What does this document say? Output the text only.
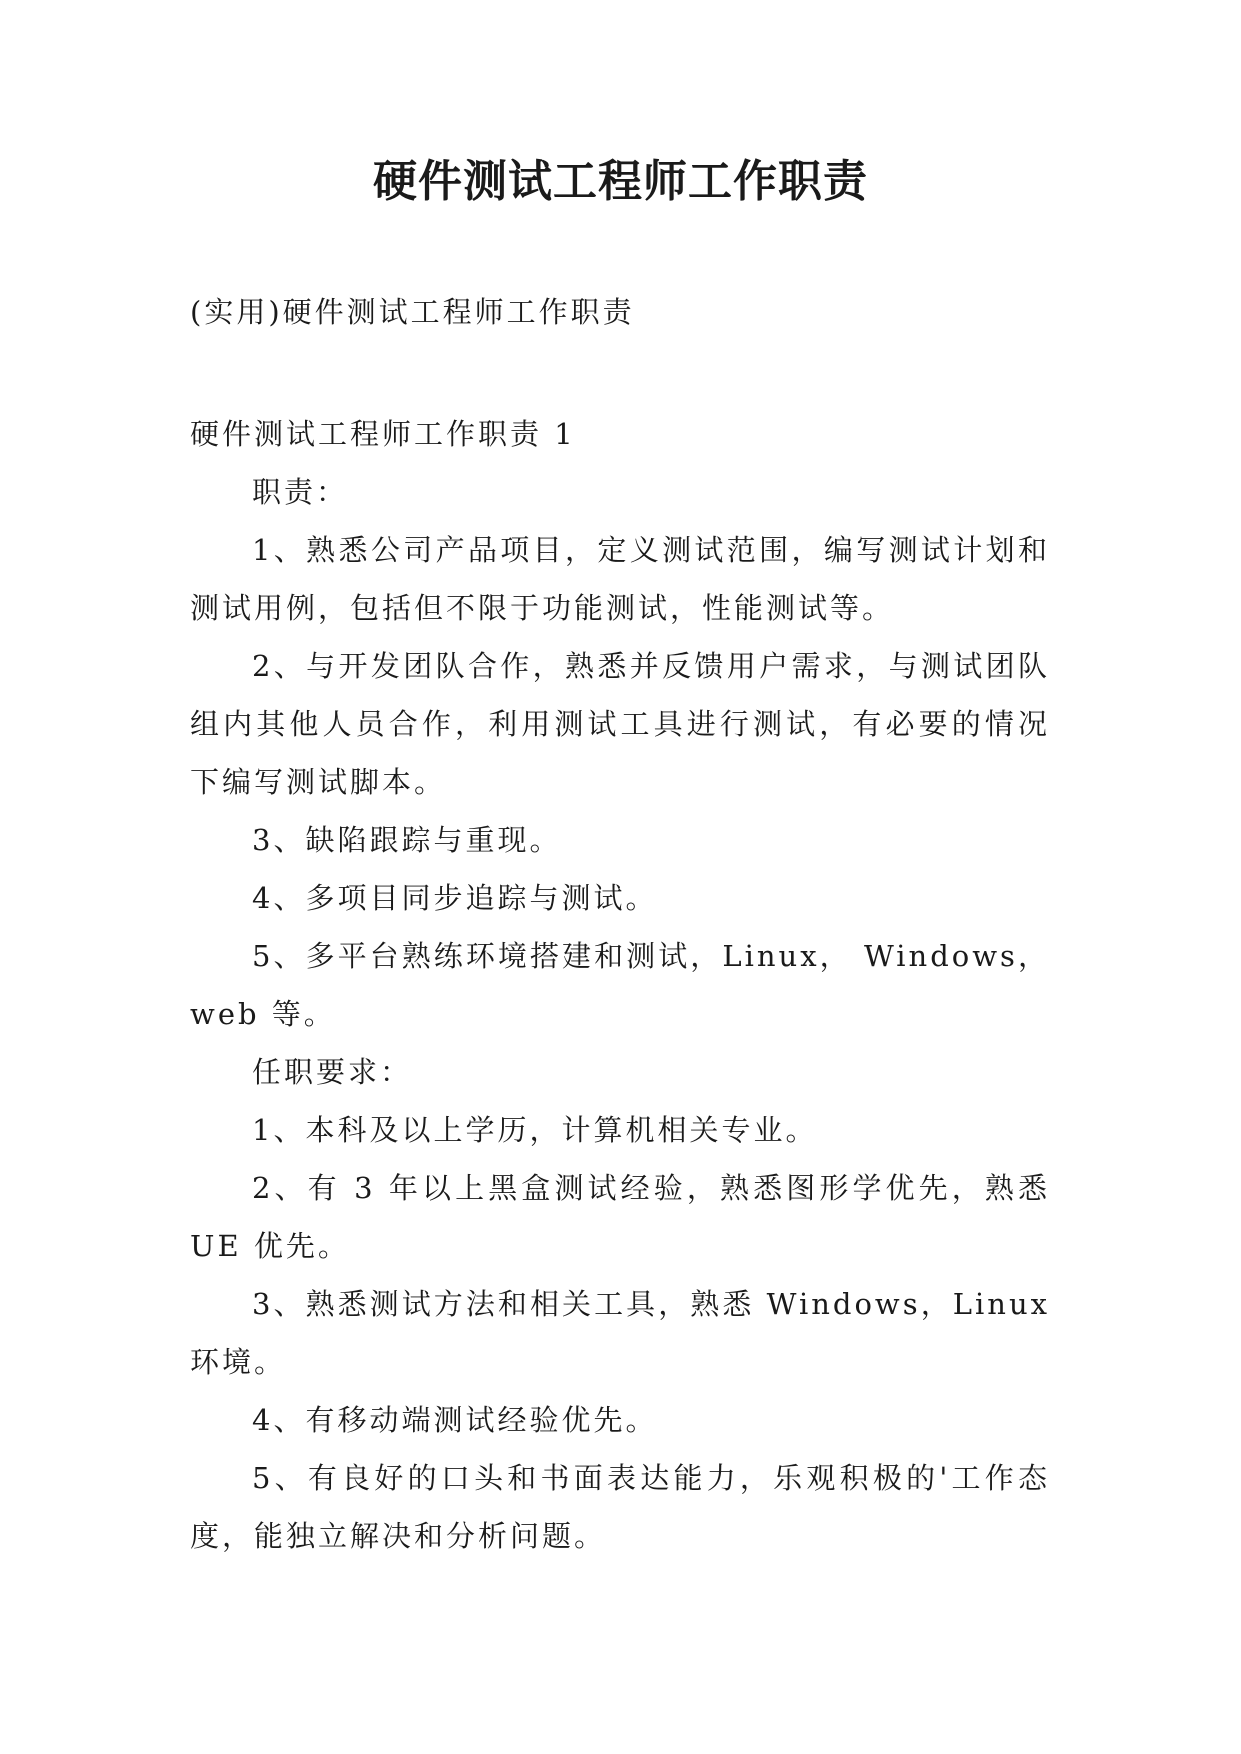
硬件测试工程师工作职责
(实用)硬件测试工程师工作职责

硬件测试工程师工作职责 1

职责：

1、熟悉公司产品项目，定义测试范围，编写测试计划和测试用例，包括但不限于功能测试，性能测试等。

2、与开发团队合作，熟悉并反馈用户需求，与测试团队组内其他人员合作，利用测试工具进行测试，有必要的情况下编写测试脚本。

3、缺陷跟踪与重现。

4、多项目同步追踪与测试。

5、多平台熟练环境搭建和测试，Linux， Windows，web 等。

任职要求：

1、本科及以上学历，计算机相关专业。

2、有 3 年以上黑盒测试经验，熟悉图形学优先，熟悉 UE 优先。

3、熟悉测试方法和相关工具，熟悉 Windows，Linux 环境。

4、有移动端测试经验优先。

5、有良好的口头和书面表达能力，乐观积极的'工作态度，能独立解决和分析问题。
